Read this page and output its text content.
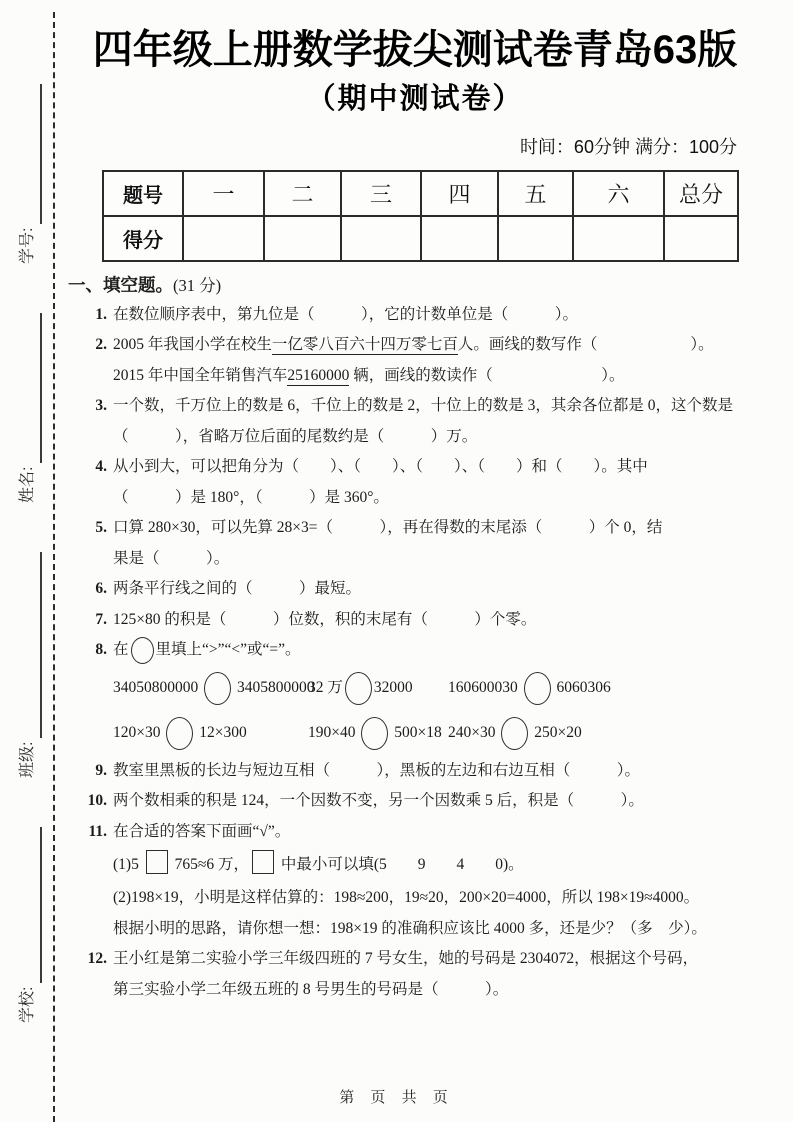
学号:
姓名:
班级:
学校:
四年级上册数学拔尖测试卷青岛63版
（期中测试卷）
时间：60分钟 满分：100分
题号	一	二	三	四	五	六	总分
得分							
一、填空题。(31 分)
1. 在数位顺序表中，第九位是（　　　），它的计数单位是（　　　）。
2. 2005 年我国小学在校生一亿零八百六十四万零七百人。画线的数写作（　　　　　　）。
2015 年中国全年销售汽车25160000 辆，画线的数读作（　　　　　　　）。
3. 一个数，千万位上的数是 6，千位上的数是 2，十位上的数是 3，其余各位都是 0，这个数是
（　　　），省略万位后面的尾数约是（　　　）万。
4. 从小到大，可以把角分为（　　）、（　　）、（　　）、（　　）和（　　）。其中
（　　　）是 180°，（　　　）是 360°。
5. 口算 280×30，可以先算 28×3=（　　　），再在得数的末尾添（　　　）个 0，结
果是（　　　）。
6. 两条平行线之间的（　　　）最短。
7. 125×80 的积是（　　　）位数，积的末尾有（　　　）个零。
8. 在 里填上“>”“<”或“=”。
34050800000  3405800000
32 万 32000	160600030  6060306
120×30  12×300	190×40  500×18 240×30  250×20
9. 教室里黑板的长边与短边互相（　　　），黑板的左边和右边互相（　　　）。
10. 两个数相乘的积是 124，一个因数不变，另一个因数乘 5 后，积是（　　　）。
11. 在合适的答案下面画“√”。
(1)5  765≈6 万， 中最小可以填(5　　9　　4　　0)。
(2)198×19，小明是这样估算的：198≈200，19≈20，200×20=4000，所以 198×19≈4000。
根据小明的思路，请你想一想：198×19 的准确积应该比 4000 多，还是少？（多　少）。
12. 王小红是第二实验小学三年级四班的 7 号女生，她的号码是 2304072，根据这个号码，
第三实验小学二年级五班的 8 号男生的号码是（　　　）。
第 页 共 页
